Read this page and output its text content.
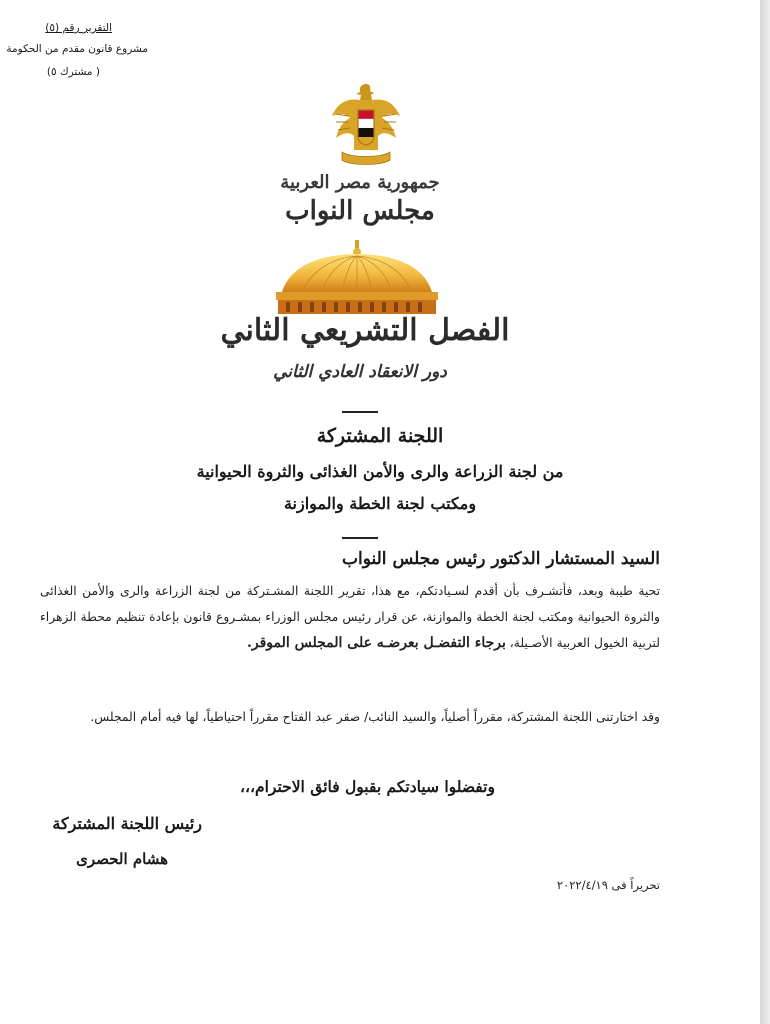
التقرير رقم (٥)
مشروع قانون مقدم من الحكومة
( مشترك ٥)
جمهورية مصر العربية
مجلس النواب
الفصل التشريعي الثاني
دور الانعقاد العادي الثاني
اللجنة المشتركة
من لجنة الزراعة والرى والأمن الغذائى والثروة الحيوانية
ومكتب لجنة الخطة والموازنة
السيد المستشار الدكتور رئيس مجلس النواب

تحية طيبة وبعد، فأتشـرف بأن أقدم لسـيادتكم، مع هذا، تقرير اللجنة المشـتركة من لجنة الزراعة والرى والأمن الغذائى والثروة الحيوانية ومكتب لجنة الخطة والموازنة، عن قرار رئيس مجلس الوزراء بمشـروع قانون بإعادة تنظيم محطة الزهراء لتربية الخيول العربية الأصـيلة، برجاء التفضـل بعرضـه على المجلس الموقر.

وقد اختارتنى اللجنة المشتركة، مقرراً أصلياً، والسيد النائب/ صقر عبد الفتاح مقرراً احتياطياً، لها فيه أمام المجلس.

وتفضلوا سيادتكم بقبول فائق الاحترام،،،
رئيس اللجنة المشتركة
هشام الحصرى
تحريراً فى ٢٠٢٢/٤/١٩
